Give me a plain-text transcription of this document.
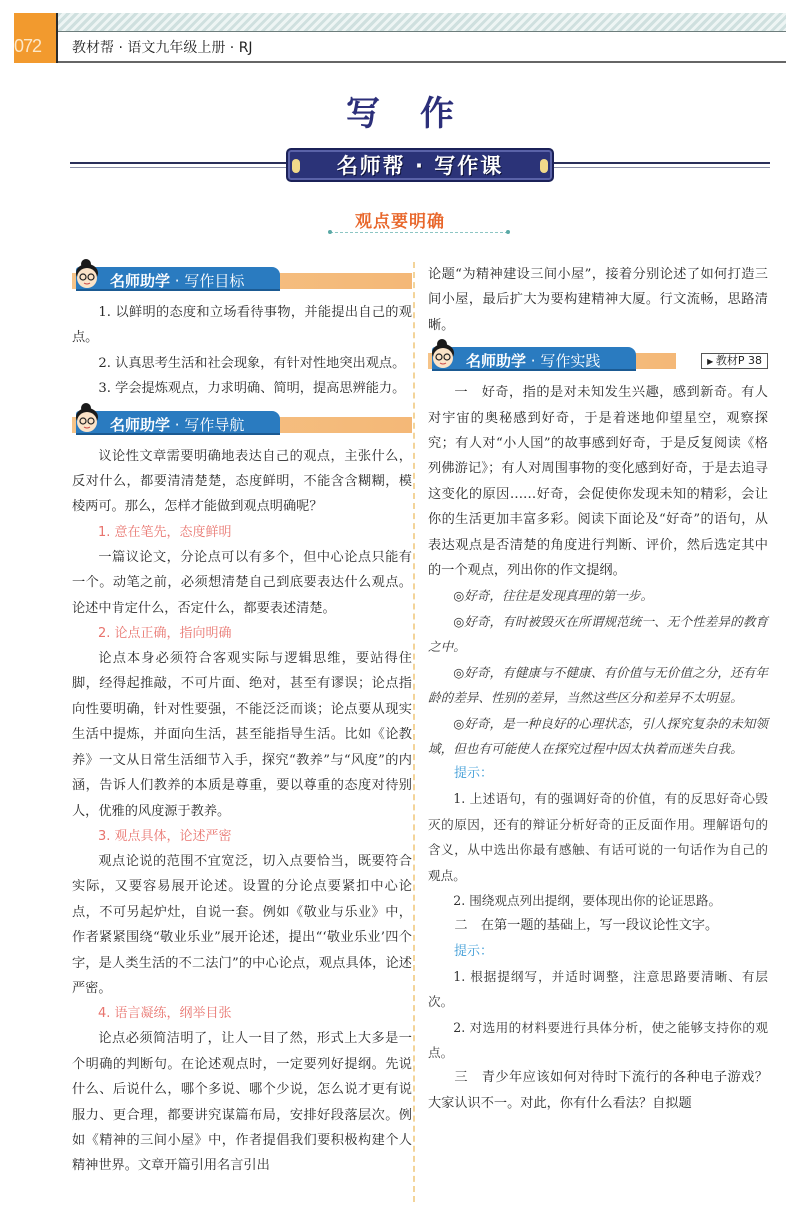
072	教材帮 · 语文九年级上册 · RJ
写作
名师帮 · 写作课
观点要明确
名师助学 · 写作目标

1. 以鲜明的态度和立场看待事物，并能提出自己的观点。

2. 认真思考生活和社会现象，有针对性地突出观点。

3. 学会提炼观点，力求明确、简明，提高思辨能力。

名师助学 · 写作导航

议论性文章需要明确地表达自己的观点，主张什么，反对什么，都要清清楚楚，态度鲜明，不能含含糊糊，模棱两可。那么，怎样才能做到观点明确呢？

1. 意在笔先，态度鲜明

一篇议论文，分论点可以有多个，但中心论点只能有一个。动笔之前，必须想清楚自己到底要表达什么观点。论述中肯定什么，否定什么，都要表述清楚。

2. 论点正确，指向明确

论点本身必须符合客观实际与逻辑思维，要站得住脚，经得起推敲，不可片面、绝对，甚至有谬误；论点指向性要明确，针对性要强，不能泛泛而谈；论点要从现实生活中提炼，并面向生活，甚至能指导生活。比如《论教养》一文从日常生活细节入手，探究“教养”与“风度”的内涵，告诉人们教养的本质是尊重，要以尊重的态度对待别人，优雅的风度源于教养。

3. 观点具体，论述严密

观点论说的范围不宜宽泛，切入点要恰当，既要符合实际，又要容易展开论述。设置的分论点要紧扣中心论点，不可另起炉灶，自说一套。例如《敬业与乐业》中，作者紧紧围绕“敬业乐业”展开论述，提出“‘敬业乐业’四个字，是人类生活的不二法门”的中心论点，观点具体，论述严密。

4. 语言凝练，纲举目张

论点必须简洁明了，让人一目了然，形式上大多是一个明确的判断句。在论述观点时，一定要列好提纲。先说什么、后说什么，哪个多说、哪个少说，怎么说才更有说服力、更合理，都要讲究谋篇布局，安排好段落层次。例如《精神的三间小屋》中，作者提倡我们要积极构建个人精神世界。文章开篇引用名言引出

论题“为精神建设三间小屋”，接着分别论述了如何打造三间小屋，最后扩大为要构建精神大厦。行文流畅，思路清晰。

名师助学 · 写作实践	▶ 教材P 38

一　好奇，指的是对未知发生兴趣，感到新奇。有人对宇宙的奥秘感到好奇，于是着迷地仰望星空，观察探究；有人对“小人国”的故事感到好奇，于是反复阅读《格列佛游记》；有人对周围事物的变化感到好奇，于是去追寻这变化的原因……好奇，会促使你发现未知的精彩，会让你的生活更加丰富多彩。阅读下面论及“好奇”的语句，从表达观点是否清楚的角度进行判断、评价，然后选定其中的一个观点，列出你的作文提纲。

◎好奇，往往是发现真理的第一步。

◎好奇，有时被毁灭在所谓规范统一、无个性差异的教育之中。

◎好奇，有健康与不健康、有价值与无价值之分，还有年龄的差异、性别的差异，当然这些区分和差异不太明显。

◎好奇，是一种良好的心理状态，引人探究复杂的未知领域，但也有可能使人在探究过程中因太执着而迷失自我。

提示：

1. 上述语句，有的强调好奇的价值，有的反思好奇心毁灭的原因，还有的辩证分析好奇的正反面作用。理解语句的含义，从中选出你最有感触、有话可说的一句话作为自己的观点。

2. 围绕观点列出提纲，要体现出你的论证思路。

二　在第一题的基础上，写一段议论性文字。

提示：

1. 根据提纲写，并适时调整，注意思路要清晰、有层次。

2. 对选用的材料要进行具体分析，使之能够支持你的观点。

三　青少年应该如何对待时下流行的各种电子游戏？大家认识不一。对此，你有什么看法？自拟题
